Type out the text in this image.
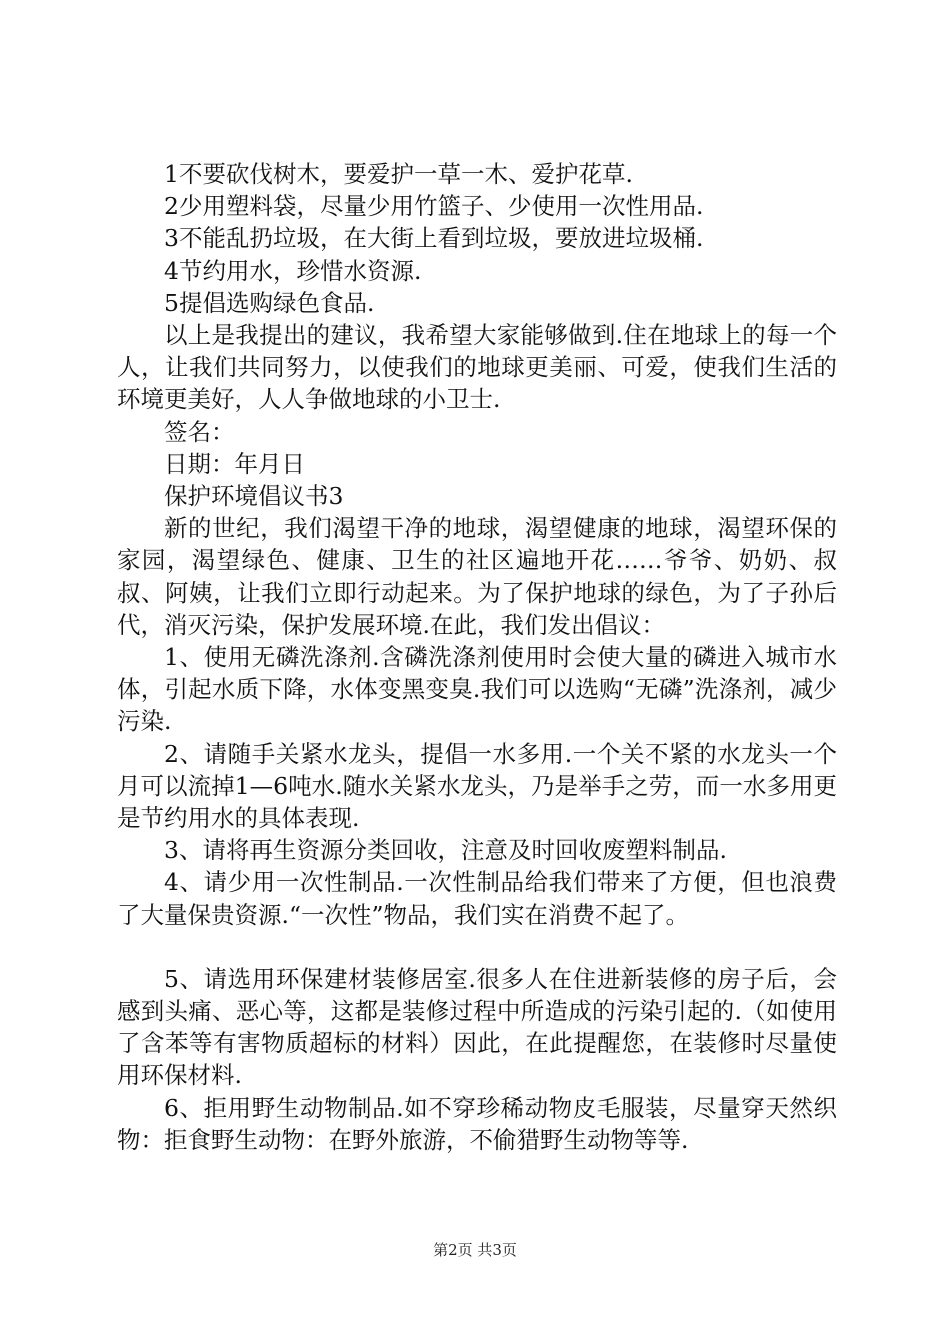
1不要砍伐树木，要爱护一草一木、爱护花草.

2少用塑料袋，尽量少用竹篮子、少使用一次性用品.

3不能乱扔垃圾，在大街上看到垃圾，要放进垃圾桶.

4节约用水，珍惜水资源.

5提倡选购绿色食品.

以上是我提出的建议，我希望大家能够做到.住在地球上的每一个人，让我们共同努力，以使我们的地球更美丽、可爱，使我们生活的环境更美好，人人争做地球的小卫士.

签名：

日期：年月日

保护环境倡议书3

新的世纪，我们渴望干净的地球，渴望健康的地球，渴望环保的家园，渴望绿色、健康、卫生的社区遍地开花……爷爷、奶奶、叔叔、阿姨，让我们立即行动起来。为了保护地球的绿色，为了子孙后代，消灭污染，保护发展环境.在此，我们发出倡议：

1、使用无磷洗涤剂.含磷洗涤剂使用时会使大量的磷进入城市水体，引起水质下降，水体变黑变臭.我们可以选购“无磷”洗涤剂，减少污染.

2、请随手关紧水龙头，提倡一水多用.一个关不紧的水龙头一个月可以流掉1—6吨水.随水关紧水龙头，乃是举手之劳，而一水多用更是节约用水的具体表现.

3、请将再生资源分类回收，注意及时回收废塑料制品.

4、请少用一次性制品.一次性制品给我们带来了方便，但也浪费了大量保贵资源.“一次性”物品，我们实在消费不起了。

5、请选用环保建材装修居室.很多人在住进新装修的房子后，会感到头痛、恶心等，这都是装修过程中所造成的污染引起的.（如使用了含苯等有害物质超标的材料）因此，在此提醒您，在装修时尽量使用环保材料.

6、拒用野生动物制品.如不穿珍稀动物皮毛服装，尽量穿天然织物：拒食野生动物：在野外旅游，不偷猎野生动物等等.

第2页 共3页
